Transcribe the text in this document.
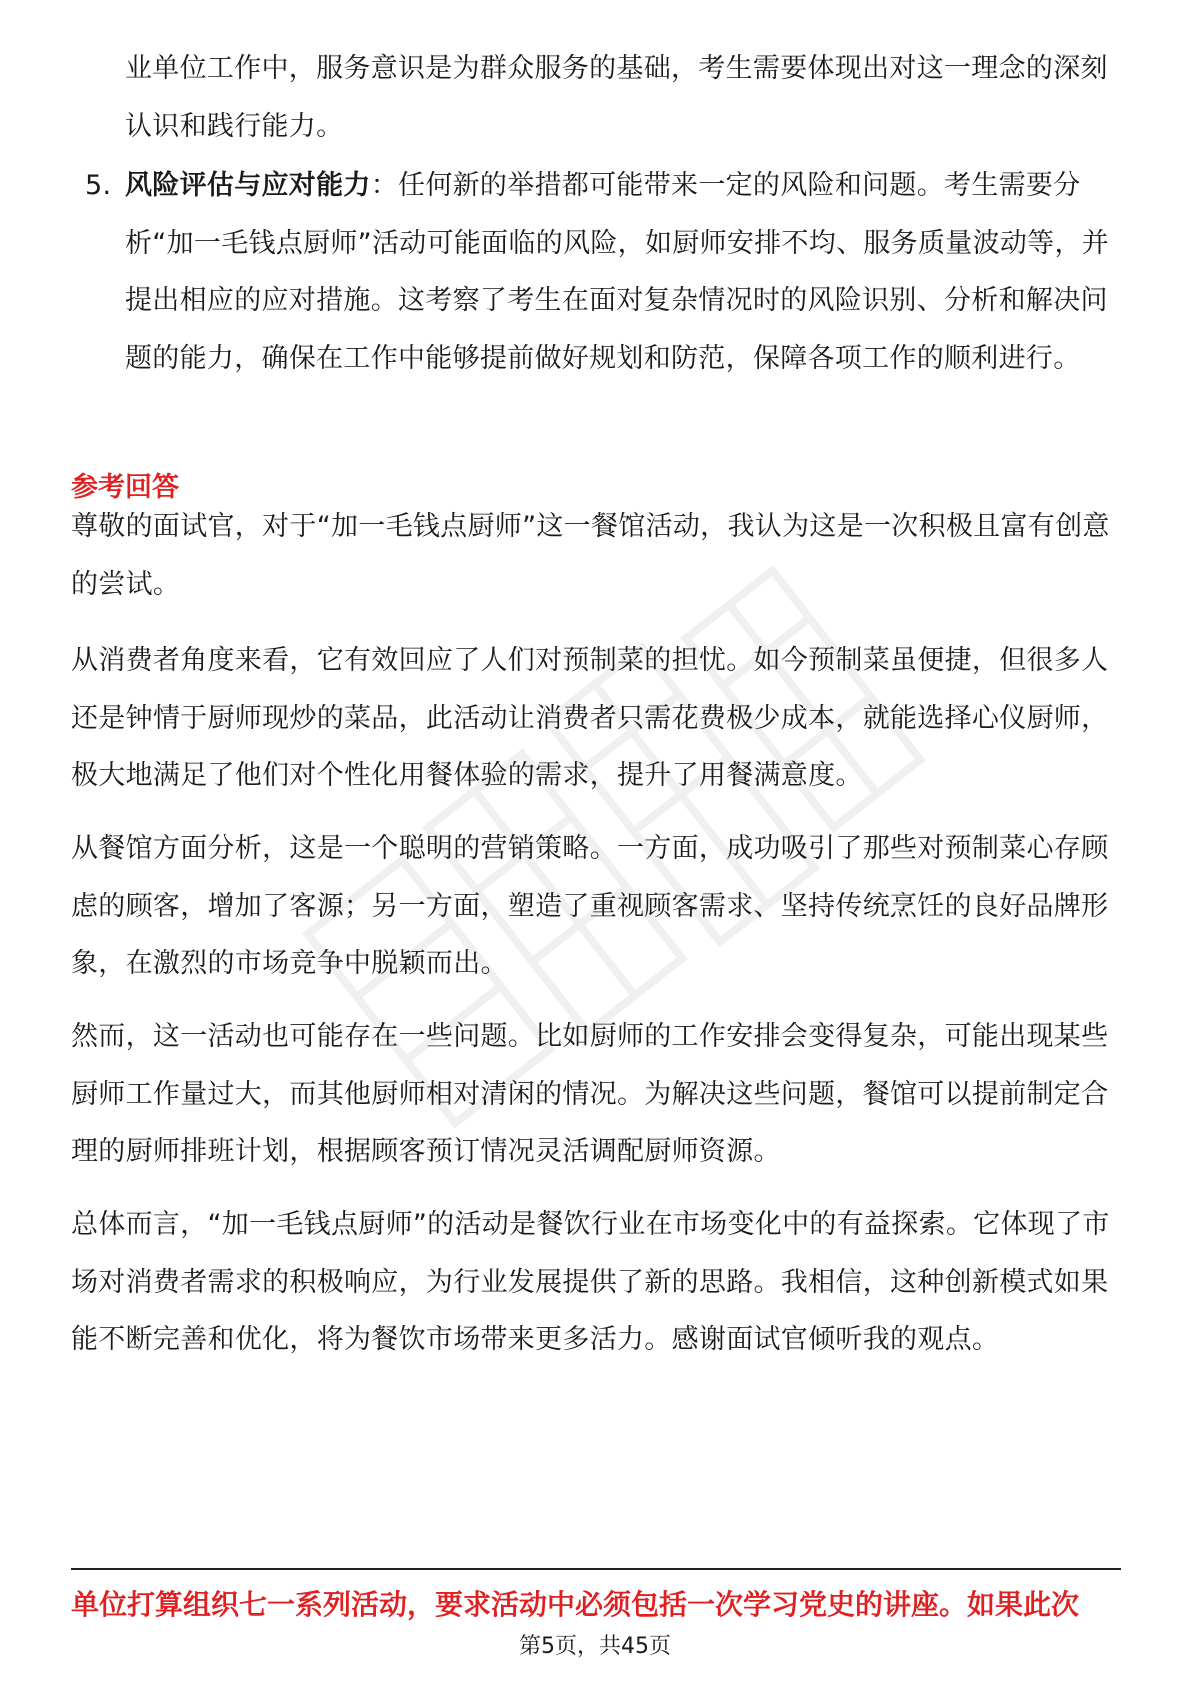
业单位工作中，服务意识是为群众服务的基础，考生需要体现出对这一理念的深刻认识和践行能力。
5. 风险评估与应对能力：任何新的举措都可能带来一定的风险和问题。考生需要分析“加一毛钱点厨师”活动可能面临的风险，如厨师安排不均、服务质量波动等，并提出相应的应对措施。这考察了考生在面对复杂情况时的风险识别、分析和解决问题的能力，确保在工作中能够提前做好规划和防范，保障各项工作的顺利进行。
参考回答

尊敬的面试官，对于“加一毛钱点厨师”这一餐馆活动，我认为这是一次积极且富有创意的尝试。

从消费者角度来看，它有效回应了人们对预制菜的担忧。如今预制菜虽便捷，但很多人还是钟情于厨师现炒的菜品，此活动让消费者只需花费极少成本，就能选择心仪厨师，极大地满足了他们对个性化用餐体验的需求，提升了用餐满意度。

从餐馆方面分析，这是一个聪明的营销策略。一方面，成功吸引了那些对预制菜心存顾虑的顾客，增加了客源；另一方面，塑造了重视顾客需求、坚持传统烹饪的良好品牌形象，在激烈的市场竞争中脱颖而出。

然而，这一活动也可能存在一些问题。比如厨师的工作安排会变得复杂，可能出现某些厨师工作量过大，而其他厨师相对清闲的情况。为解决这些问题，餐馆可以提前制定合理的厨师排班计划，根据顾客预订情况灵活调配厨师资源。

总体而言，“加一毛钱点厨师”的活动是餐饮行业在市场变化中的有益探索。它体现了市场对消费者需求的积极响应，为行业发展提供了新的思路。我相信，这种创新模式如果能不断完善和优化，将为餐饮市场带来更多活力。感谢面试官倾听我的观点。

单位打算组织七一系列活动，要求活动中必须包括一次学习党史的讲座。如果此次
第5页，共45页
